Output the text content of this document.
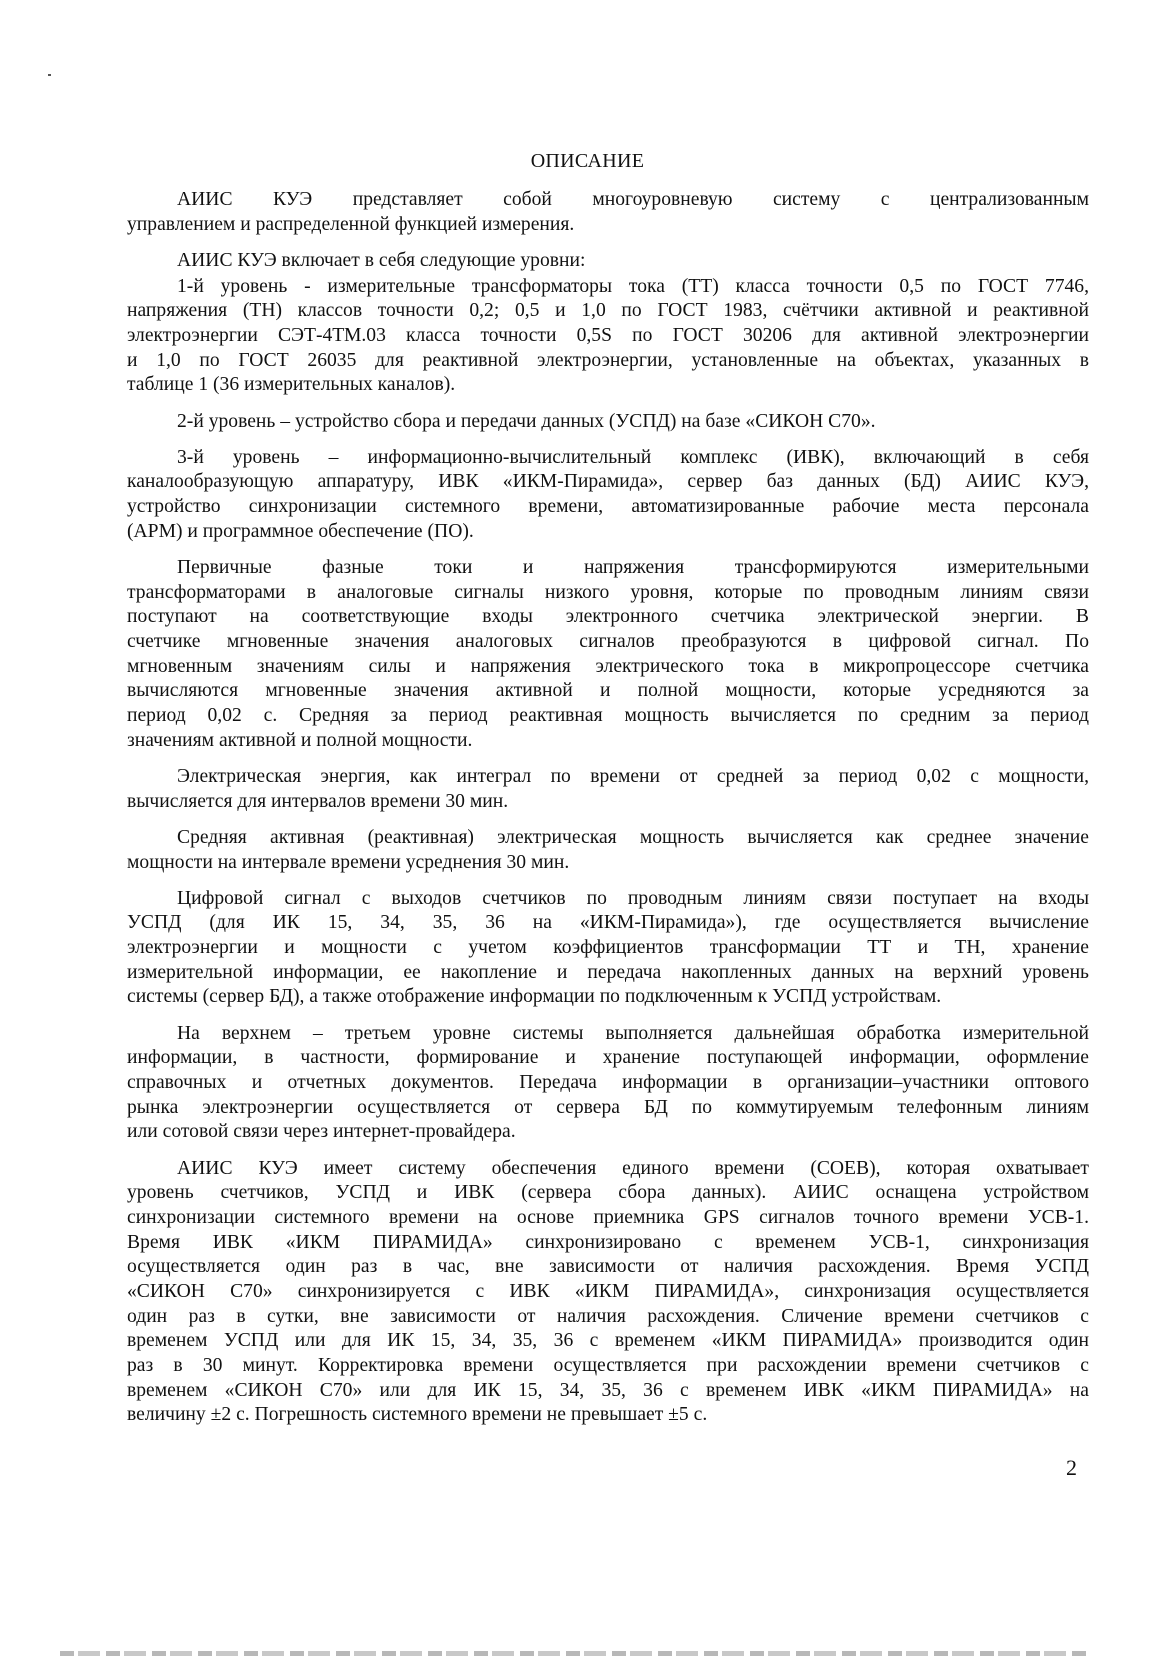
ОПИСАНИЕ
АИИС КУЭ представляет собой многоуровневую систему с централизованным
управлением и распределенной функцией измерения.
АИИС КУЭ включает в себя следующие уровни:
1-й уровень - измерительные трансформаторы тока (ТТ) класса точности 0,5 по ГОСТ 7746,
напряжения (ТН) классов точности 0,2; 0,5 и 1,0 по ГОСТ 1983, счётчики активной и реактивной
электроэнергии СЭТ-4ТМ.03 класса точности 0,5S по ГОСТ 30206 для активной электроэнергии
и 1,0 по ГОСТ 26035 для реактивной электроэнергии, установленные на объектах, указанных в
таблице 1 (36 измерительных каналов).
2-й уровень – устройство сбора и передачи данных (УСПД) на базе «СИКОН С70».
3-й уровень – информационно-вычислительный комплекс (ИВК), включающий в себя
каналообразующую аппаратуру, ИВК «ИКМ-Пирамида», сервер баз данных (БД) АИИС КУЭ,
устройство синхронизации системного времени, автоматизированные рабочие места персонала
(АРМ) и программное обеспечение (ПО).
Первичные фазные токи и напряжения трансформируются измерительными
трансформаторами в аналоговые сигналы низкого уровня, которые по проводным линиям связи
поступают на соответствующие входы электронного счетчика электрической энергии. В
счетчике мгновенные значения аналоговых сигналов преобразуются в цифровой сигнал. По
мгновенным значениям силы и напряжения электрического тока в микропроцессоре счетчика
вычисляются мгновенные значения активной и полной мощности, которые усредняются за
период 0,02 с. Средняя за период реактивная мощность вычисляется по средним за период
значениям активной и полной мощности.
Электрическая энергия, как интеграл по времени от средней за период 0,02 с мощности,
вычисляется для интервалов времени 30 мин.
Средняя активная (реактивная) электрическая мощность вычисляется как среднее значение
мощности на интервале времени усреднения 30 мин.
Цифровой сигнал с выходов счетчиков по проводным линиям связи поступает на входы
УСПД (для ИК 15, 34, 35, 36 на «ИКМ-Пирамида»), где осуществляется вычисление
электроэнергии и мощности с учетом коэффициентов трансформации ТТ и ТН, хранение
измерительной информации, ее накопление и передача накопленных данных на верхний уровень
системы (сервер БД), а также отображение информации по подключенным к УСПД устройствам.
На верхнем – третьем уровне системы выполняется дальнейшая обработка измерительной
информации, в частности, формирование и хранение поступающей информации, оформление
справочных и отчетных документов. Передача информации в организации–участники оптового
рынка электроэнергии осуществляется от сервера БД по коммутируемым телефонным линиям
или сотовой связи через интернет-провайдера.
АИИС КУЭ имеет систему обеспечения единого времени (СОЕВ), которая охватывает
уровень счетчиков, УСПД и ИВК (сервера сбора данных). АИИС оснащена устройством
синхронизации системного времени на основе приемника GPS сигналов точного времени УСВ-1.
Время ИВК «ИКМ ПИРАМИДА» синхронизировано с временем УСВ-1, синхронизация
осуществляется один раз в час, вне зависимости от наличия расхождения. Время УСПД
«СИКОН С70» синхронизируется с ИВК «ИКМ ПИРАМИДА», синхронизация осуществляется
один раз в сутки, вне зависимости от наличия расхождения. Сличение времени счетчиков с
временем УСПД или для ИК 15, 34, 35, 36 с временем «ИКМ ПИРАМИДА» производится один
раз в 30 минут. Корректировка времени осуществляется при расхождении времени счетчиков с
временем «СИКОН С70» или для ИК 15, 34, 35, 36 с временем ИВК «ИКМ ПИРАМИДА» на
величину ±2 с. Погрешность системного времени не превышает ±5 с.
2
